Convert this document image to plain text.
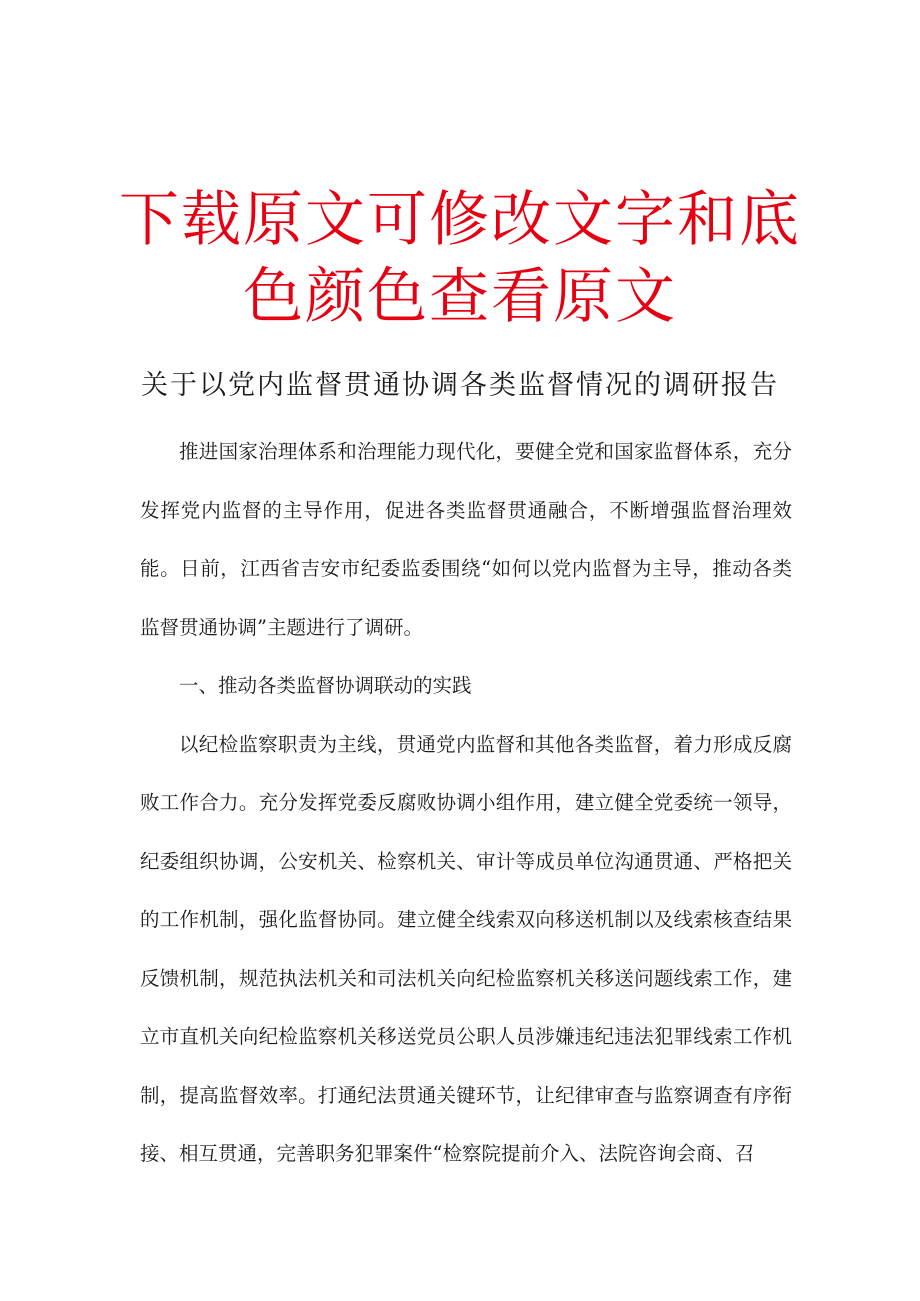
下载原文可修改文字和底
色颜色查看原文
关于以党内监督贯通协调各类监督情况的调研报告

推进国家治理体系和治理能力现代化，要健全党和国家监督体系，充分发挥党内监督的主导作用，促进各类监督贯通融合，不断增强监督治理效能。日前，江西省吉安市纪委监委围绕“如何以党内监督为主导，推动各类监督贯通协调”主题进行了调研。

一、推动各类监督协调联动的实践

以纪检监察职责为主线，贯通党内监督和其他各类监督，着力形成反腐败工作合力。充分发挥党委反腐败协调小组作用，建立健全党委统一领导，纪委组织协调，公安机关、检察机关、审计等成员单位沟通贯通、严格把关的工作机制，强化监督协同。建立健全线索双向移送机制以及线索核查结果反馈机制，规范执法机关和司法机关向纪检监察机关移送问题线索工作，建立市直机关向纪检监察机关移送党员公职人员涉嫌违纪违法犯罪线索工作机制，提高监督效率。打通纪法贯通关键环节，让纪律审查与监察调查有序衔接、相互贯通，完善职务犯罪案件“检察院提前介入、法院咨询会商、召
